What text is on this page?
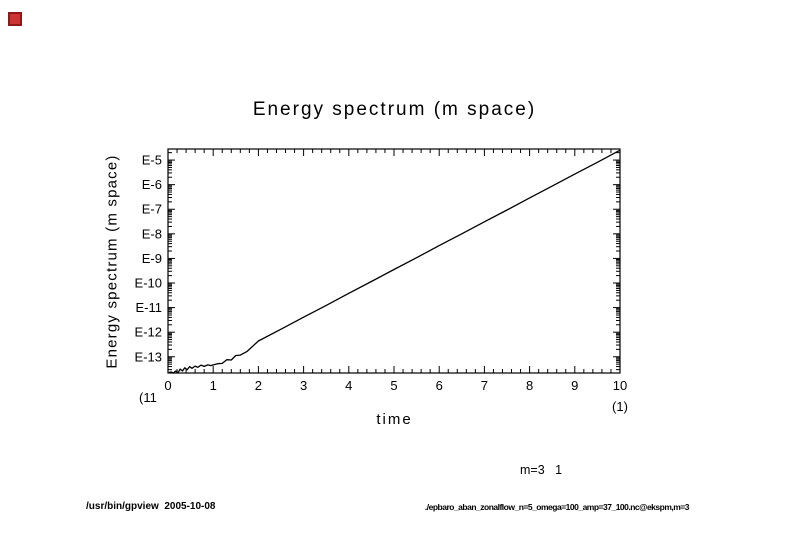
Energy spectrum (m space)
Energy spectrum (m space)
0	1	2	3	4	5	6	7	8	9	10
E-5
E-6
E-7
E-8
E-9
E-10
E-11
E-12
E-13
(11
(1)
time
m=3   1
/usr/bin/gpview  2005-10-08	./epbaro_aban_zonalflow_n=5_omega=100_amp=37_100.nc@ekspm,m=3
